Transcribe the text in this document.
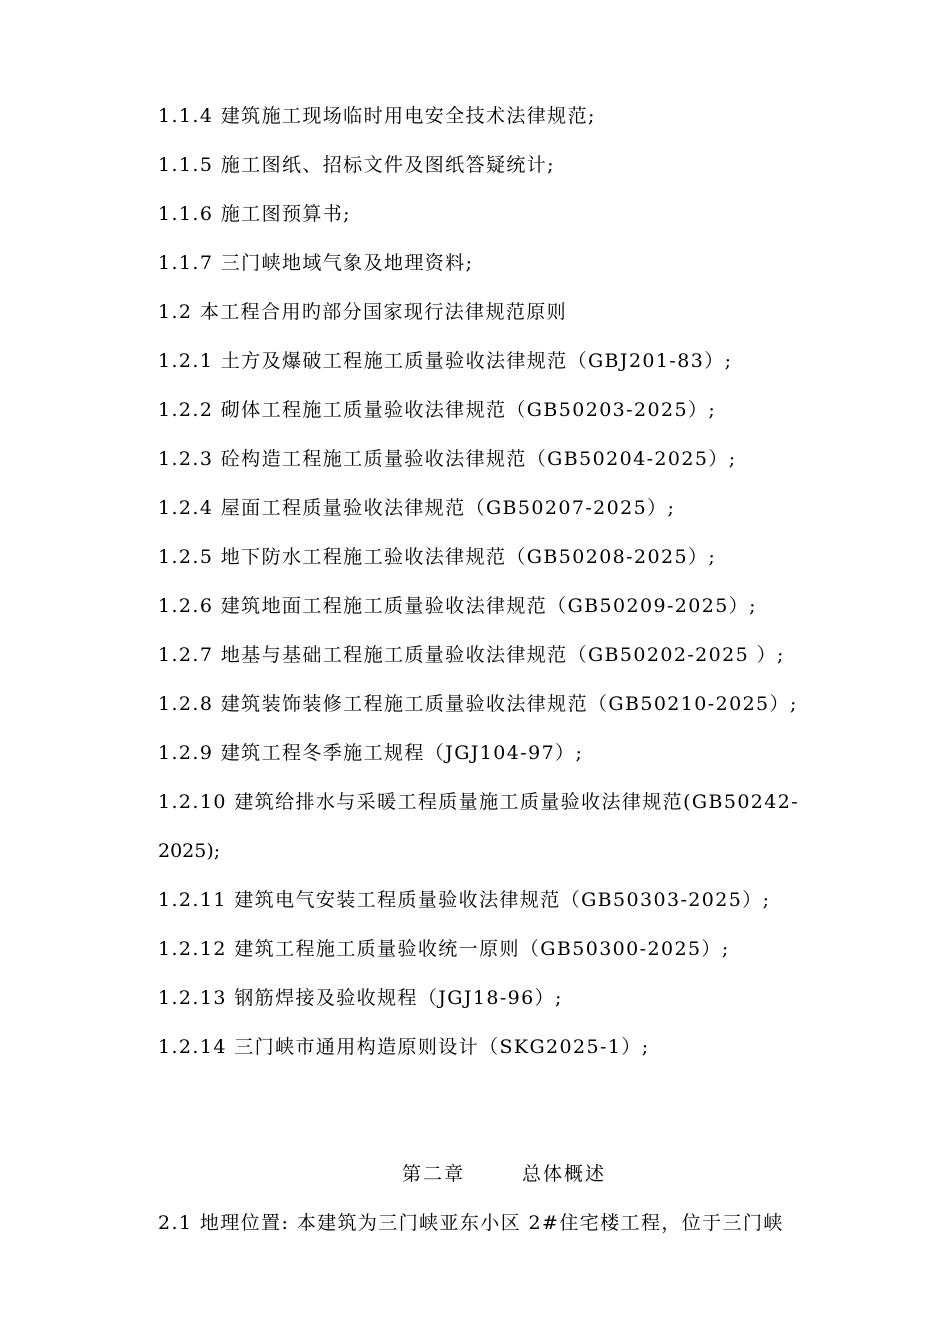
1.1.4 建筑施工现场临时用电安全技术法律规范;
1.1.5 施工图纸、招标文件及图纸答疑统计;
1.1.6 施工图预算书;
1.1.7 三门峡地域气象及地理资料;
1.2 本工程合用旳部分国家现行法律规范原则
1.2.1 土方及爆破工程施工质量验收法律规范（GBJ201-83）;
1.2.2 砌体工程施工质量验收法律规范（GB50203-2025）;
1.2.3 砼构造工程施工质量验收法律规范（GB50204-2025）;
1.2.4 屋面工程质量验收法律规范（GB50207-2025）;
1.2.5 地下防水工程施工验收法律规范（GB50208-2025）;
1.2.6 建筑地面工程施工质量验收法律规范（GB50209-2025）;
1.2.7 地基与基础工程施工质量验收法律规范（GB50202-2025 ）;
1.2.8 建筑装饰装修工程施工质量验收法律规范（GB50210-2025）;
1.2.9 建筑工程冬季施工规程（JGJ104-97）;
1.2.10 建筑给排水与采暖工程质量施工质量验收法律规范(GB50242-
2025);
1.2.11 建筑电气安装工程质量验收法律规范（GB50303-2025）;
1.2.12 建筑工程施工质量验收统一原则（GB50300-2025）;
1.2.13 钢筋焊接及验收规程（JGJ18-96）;
1.2.14 三门峡市通用构造原则设计（SKG2025-1）;
第二章	总体概述
2.1 地理位置: 本建筑为三门峡亚东小区 2#住宅楼工程，位于三门峡
